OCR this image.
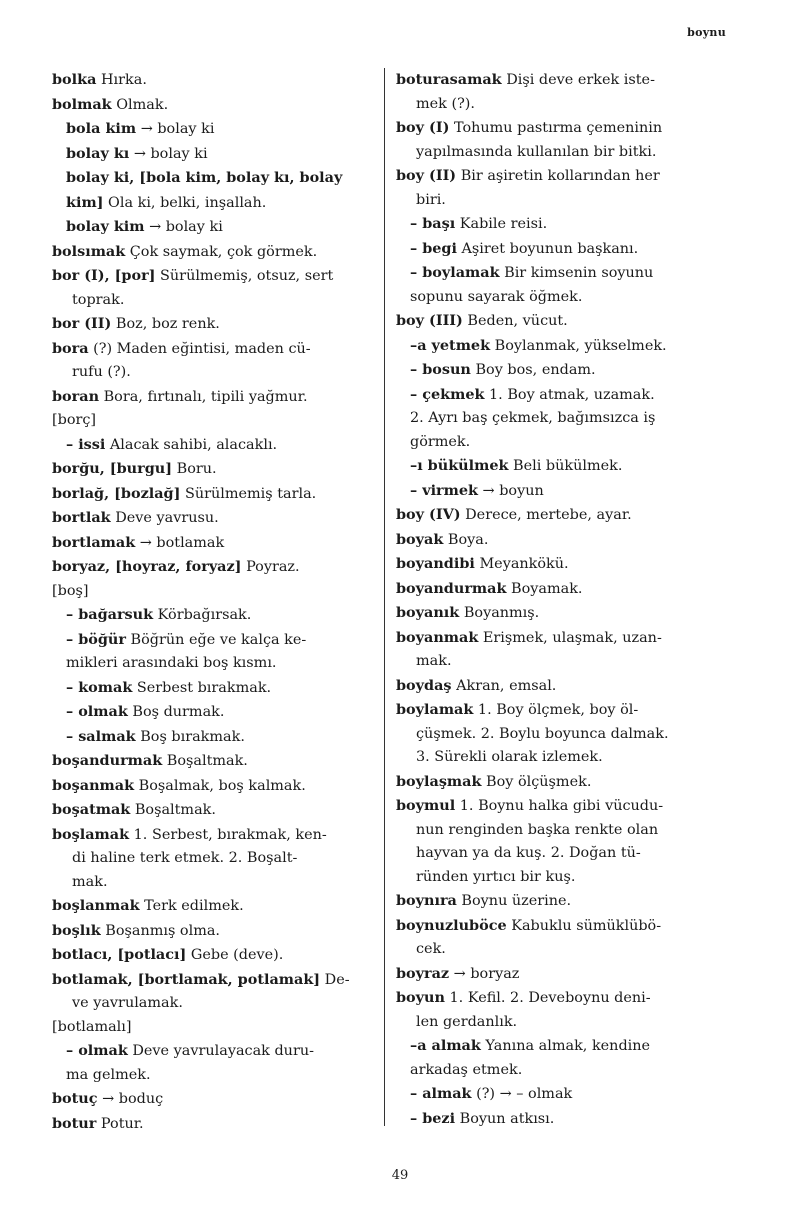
boynu
bolka Hırka.
bolmak Olmak.
bola kim → bolay ki
bolay kı → bolay ki
bolay ki, [bola kim, bolay kı, bolay
kim] Ola ki, belki, inşallah.
bolay kim → bolay ki
bolsımak Çok saymak, çok görmek.
bor (I), [por] Sürülmemiş, otsuz, sert
toprak.
bor (II) Boz, boz renk.
bora (?) Maden eğintisi, maden cü-
rufu (?).
boran Bora, fırtınalı, tipili yağmur.
[borç]
– issi Alacak sahibi, alacaklı.
borğu, [burgu] Boru.
borlağ, [bozlağ] Sürülmemiş tarla.
bortlak Deve yavrusu.
bortlamak → botlamak
boryaz, [hoyraz, foryaz] Poyraz.
[boş]
– bağarsuk Körbağırsak.
– böğür Böğrün eğe ve kalça ke-
mikleri arasındaki boş kısmı.
– komak Serbest bırakmak.
– olmak Boş durmak.
– salmak Boş bırakmak.
boşandurmak Boşaltmak.
boşanmak Boşalmak, boş kalmak.
boşatmak Boşaltmak.
boşlamak 1. Serbest, bırakmak, ken-
di haline terk etmek. 2. Boşalt-
mak.
boşlanmak Terk edilmek.
boşlık Boşanmış olma.
botlacı, [potlacı] Gebe (deve).
botlamak, [bortlamak, potlamak] De-
ve yavrulamak.
[botlamalı]
– olmak Deve yavrulayacak duru-
ma gelmek.
botuç → boduç
botur Potur.
boturasamak Dişi deve erkek iste-
mek (?).
boy (I) Tohumu pastırma çemeninin
yapılmasında kullanılan bir bitki.
boy (II) Bir aşiretin kollarından her
biri.
– başı Kabile reisi.
– begi Aşiret boyunun başkanı.
– boylamak Bir kimsenin soyunu
sopunu sayarak öğmek.
boy (III) Beden, vücut.
–a yetmek Boylanmak, yükselmek.
– bosun Boy bos, endam.
– çekmek 1. Boy atmak, uzamak.
2. Ayrı baş çekmek, bağımsızca iş
görmek.
–ı bükülmek Beli bükülmek.
– virmek → boyun
boy (IV) Derece, mertebe, ayar.
boyak Boya.
boyandibi Meyankökü.
boyandurmak Boyamak.
boyanık Boyanmış.
boyanmak Erişmek, ulaşmak, uzan-
mak.
boydaş Akran, emsal.
boylamak 1. Boy ölçmek, boy öl-
çüşmek. 2. Boylu boyunca dalmak.
3. Sürekli olarak izlemek.
boylaşmak Boy ölçüşmek.
boymul 1. Boynu halka gibi vücudu-
nun renginden başka renkte olan
hayvan ya da kuş. 2. Doğan tü-
ründen yırtıcı bir kuş.
boynıra Boynu üzerine.
boynuzluböce Kabuklu sümüklübö-
cek.
boyraz → boryaz
boyun 1. Kefil. 2. Deveboynu deni-
len gerdanlık.
–a almak Yanına almak, kendine
arkadaş etmek.
– almak (?) → – olmak
– bezi Boyun atkısı.
49
